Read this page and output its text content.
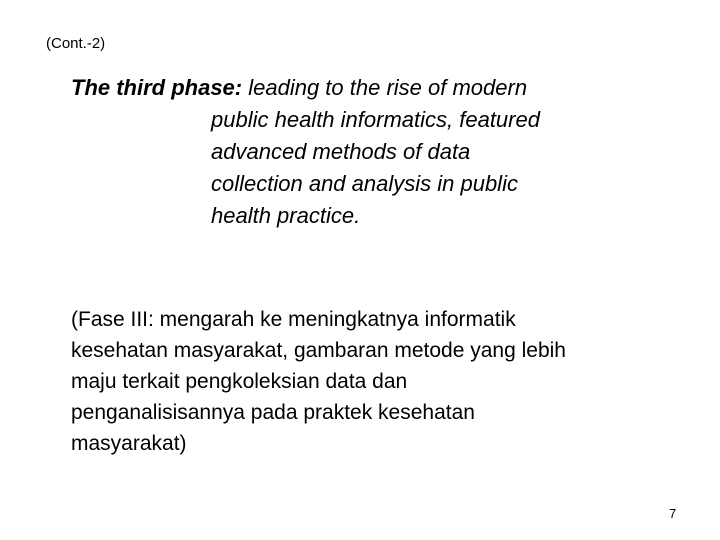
(Cont.-2)
The third phase: leading to the rise of modern
public health informatics, featured
advanced methods of data
collection and analysis in public
health practice.
(Fase III: mengarah ke meningkatnya informatik
kesehatan masyarakat, gambaran metode yang lebih
maju terkait pengkoleksian data dan
penganalisisannya pada praktek kesehatan
masyarakat)
7
